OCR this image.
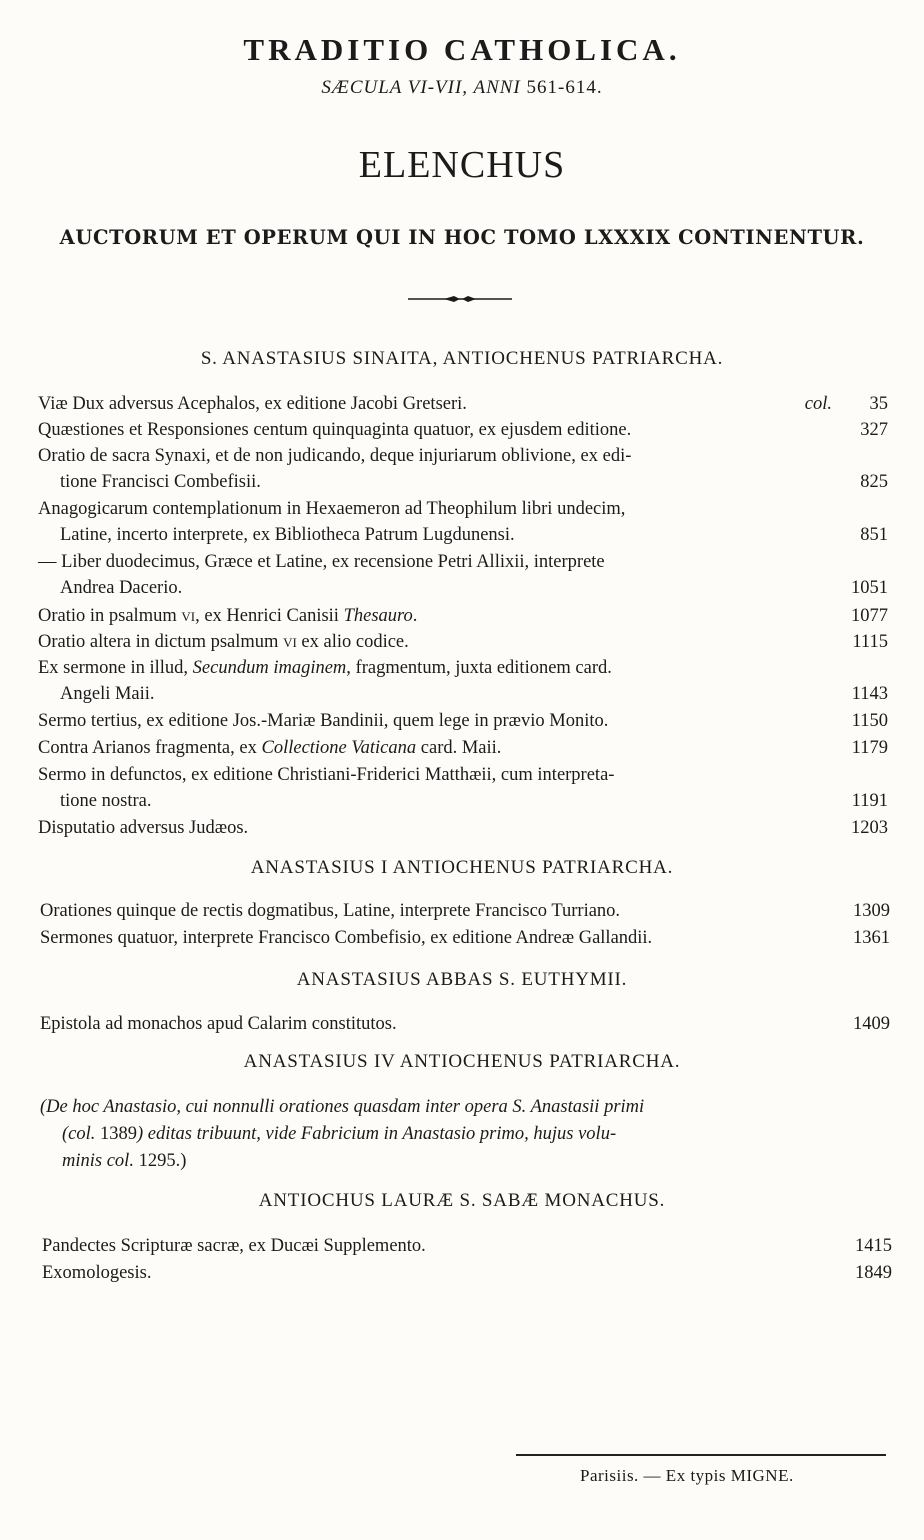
TRADITIO CATHOLICA.
SÆCULA VI-VII, ANNI 561-614.
ELENCHUS
AUCTORUM ET OPERUM QUI IN HOC TOMO LXXXIX CONTINENTUR.
S. ANASTASIUS SINAITA, ANTIOCHENUS PATRIARCHA.
Viæ Dux adversus Acephalos, ex editione Jacobi Gretseri.	col. 35
Quæstiones et Responsiones centum quinquaginta quatuor, ex ejusdem editione.	327
Oratio de sacra Synaxi, et de non judicando, deque injuriarum oblivione, ex edi-
tione Francisci Combefisii.	825
Anagogicarum contemplationum in Hexaemeron ad Theophilum libri undecim,
Latine, incerto interprete, ex Bibliotheca Patrum Lugdunensi.	851
— Liber duodecimus, Græce et Latine, ex recensione Petri Allixii, interprete
Andrea Dacerio.	1051
Oratio in psalmum vi, ex Henrici Canisii Thesauro.	1077
Oratio altera in dictum psalmum vi ex alio codice.	1115
Ex sermone in illud, Secundum imaginem, fragmentum, juxta editionem card.
Angeli Maii.	1143
Sermo tertius, ex editione Jos.-Mariæ Bandinii, quem lege in prævio Monito.	1150
Contra Arianos fragmenta, ex Collectione Vaticana card. Maii.	1179
Sermo in defunctos, ex editione Christiani-Friderici Matthæii, cum interpreta-
tione nostra.	1191
Disputatio adversus Judæos.	1203
ANASTASIUS I ANTIOCHENUS PATRIARCHA.
Orationes quinque de rectis dogmatibus, Latine, interprete Francisco Turriano.	1309
Sermones quatuor, interprete Francisco Combefisio, ex editione Andreæ Gallandii.	1361
ANASTASIUS ABBAS S. EUTHYMII.
Epistola ad monachos apud Calarim constitutos.	1409
ANASTASIUS IV ANTIOCHENUS PATRIARCHA.
(De hoc Anastasio, cui nonnulli orationes quasdam inter opera S. Anastasii primi
(col. 1389) editas tribuunt, vide Fabricium in Anastasio primo, hujus volu-
minis col. 1295.)
ANTIOCHUS LAURÆ S. SABÆ MONACHUS.
Pandectes Scripturæ sacræ, ex Ducæi Supplemento.	1415
Exomologesis.	1849
Parisiis. — Ex typis MIGNE.
